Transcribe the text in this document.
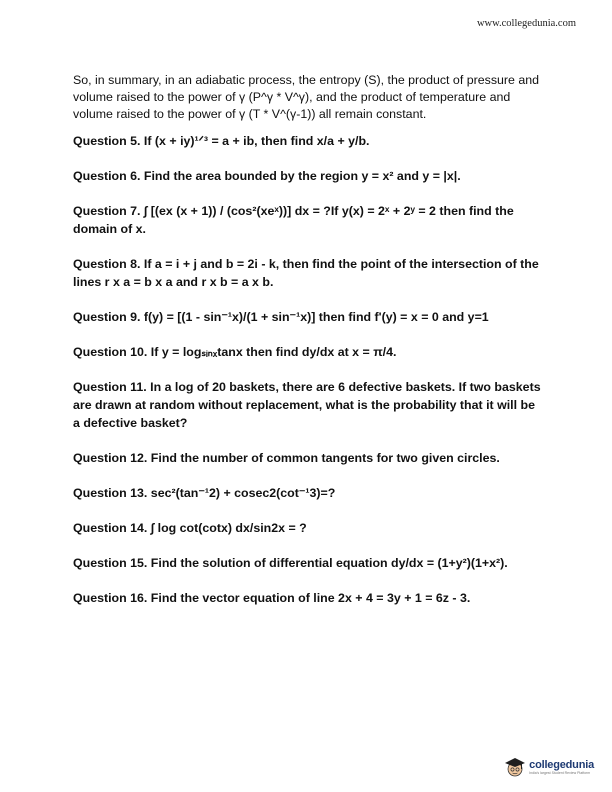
www.collegedunia.com

So, in summary, in an adiabatic process, the entropy (S), the product of pressure and volume raised to the power of γ (P^γ * V^γ), and the product of temperature and volume raised to the power of γ (T * V^(γ-1)) all remain constant.

Question 5. If (x + iy)¹ᐟ³ = a + ib, then find x/a + y/b.

Question 6. Find the area bounded by the region y = x² and y = |x|.

Question 7. ∫ [(ex (x + 1)) / (cos²(xeˣ))] dx = ?If y(x) = 2ˣ + 2ʸ = 2 then find the domain of x.

Question 8. If a = i + j and b = 2i - k, then find the point of the intersection of the lines r x a = b x a and r x b = a x b.

Question 9. f(y) = [(1 - sin⁻¹x)/(1 + sin⁻¹x)] then find f'(y) = x = 0 and y=1

Question 10. If y = logₛᵢₙₓtanx then find dy/dx at x = π/4.

Question 11. In a log of 20 baskets, there are 6 defective baskets. If two baskets are drawn at random without replacement, what is the probability that it will be a defective basket?

Question 12. Find the number of common tangents for two given circles.

Question 13. sec²(tan⁻¹2) + cosec2(cot⁻¹3)=?

Question 14. ∫ log cot(cotx) dx/sin2x = ?

Question 15. Find the solution of differential equation dy/dx = (1+y²)(1+x²).

Question 16. Find the vector equation of line 2x + 4 = 3y + 1 = 6z - 3.

collegedunia
India's largest Student Review Platform
